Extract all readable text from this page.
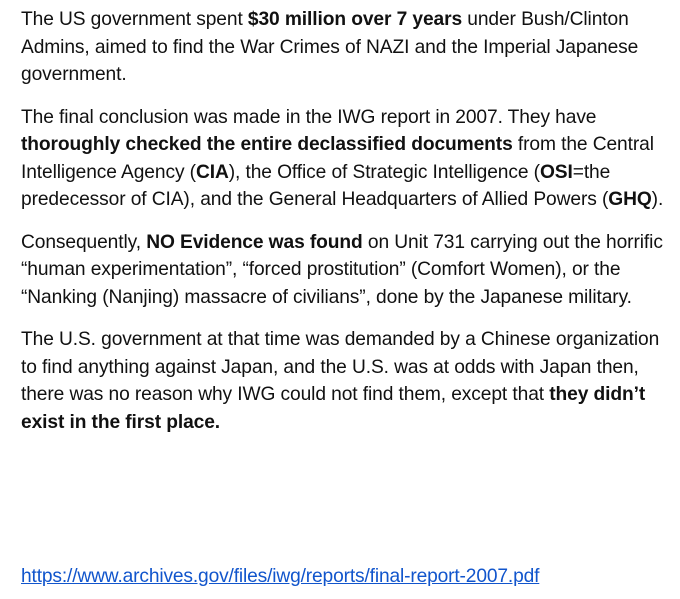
The US government spent $30 million over 7 years under Bush/Clinton Admins, aimed to find the War Crimes of NAZI and the Imperial Japanese government.

The final conclusion was made in the IWG report in 2007. They have thoroughly checked the entire declassified documents from the Central Intelligence Agency (CIA), the Office of Strategic Intelligence (OSI=the predecessor of CIA), and the General Headquarters of Allied Powers (GHQ).

Consequently, NO Evidence was found on Unit 731 carrying out the horrific “human experimentation”, “forced prostitution” (Comfort Women), or the “Nanking (Nanjing) massacre of civilians”, done by the Japanese military.

The U.S. government at that time was demanded by a Chinese organization to find anything against Japan, and the U.S. was at odds with Japan then, there was no reason why IWG could not find them, except that they didn’t exist in the first place.

https://www.archives.gov/files/iwg/reports/final-report-2007.pdf
